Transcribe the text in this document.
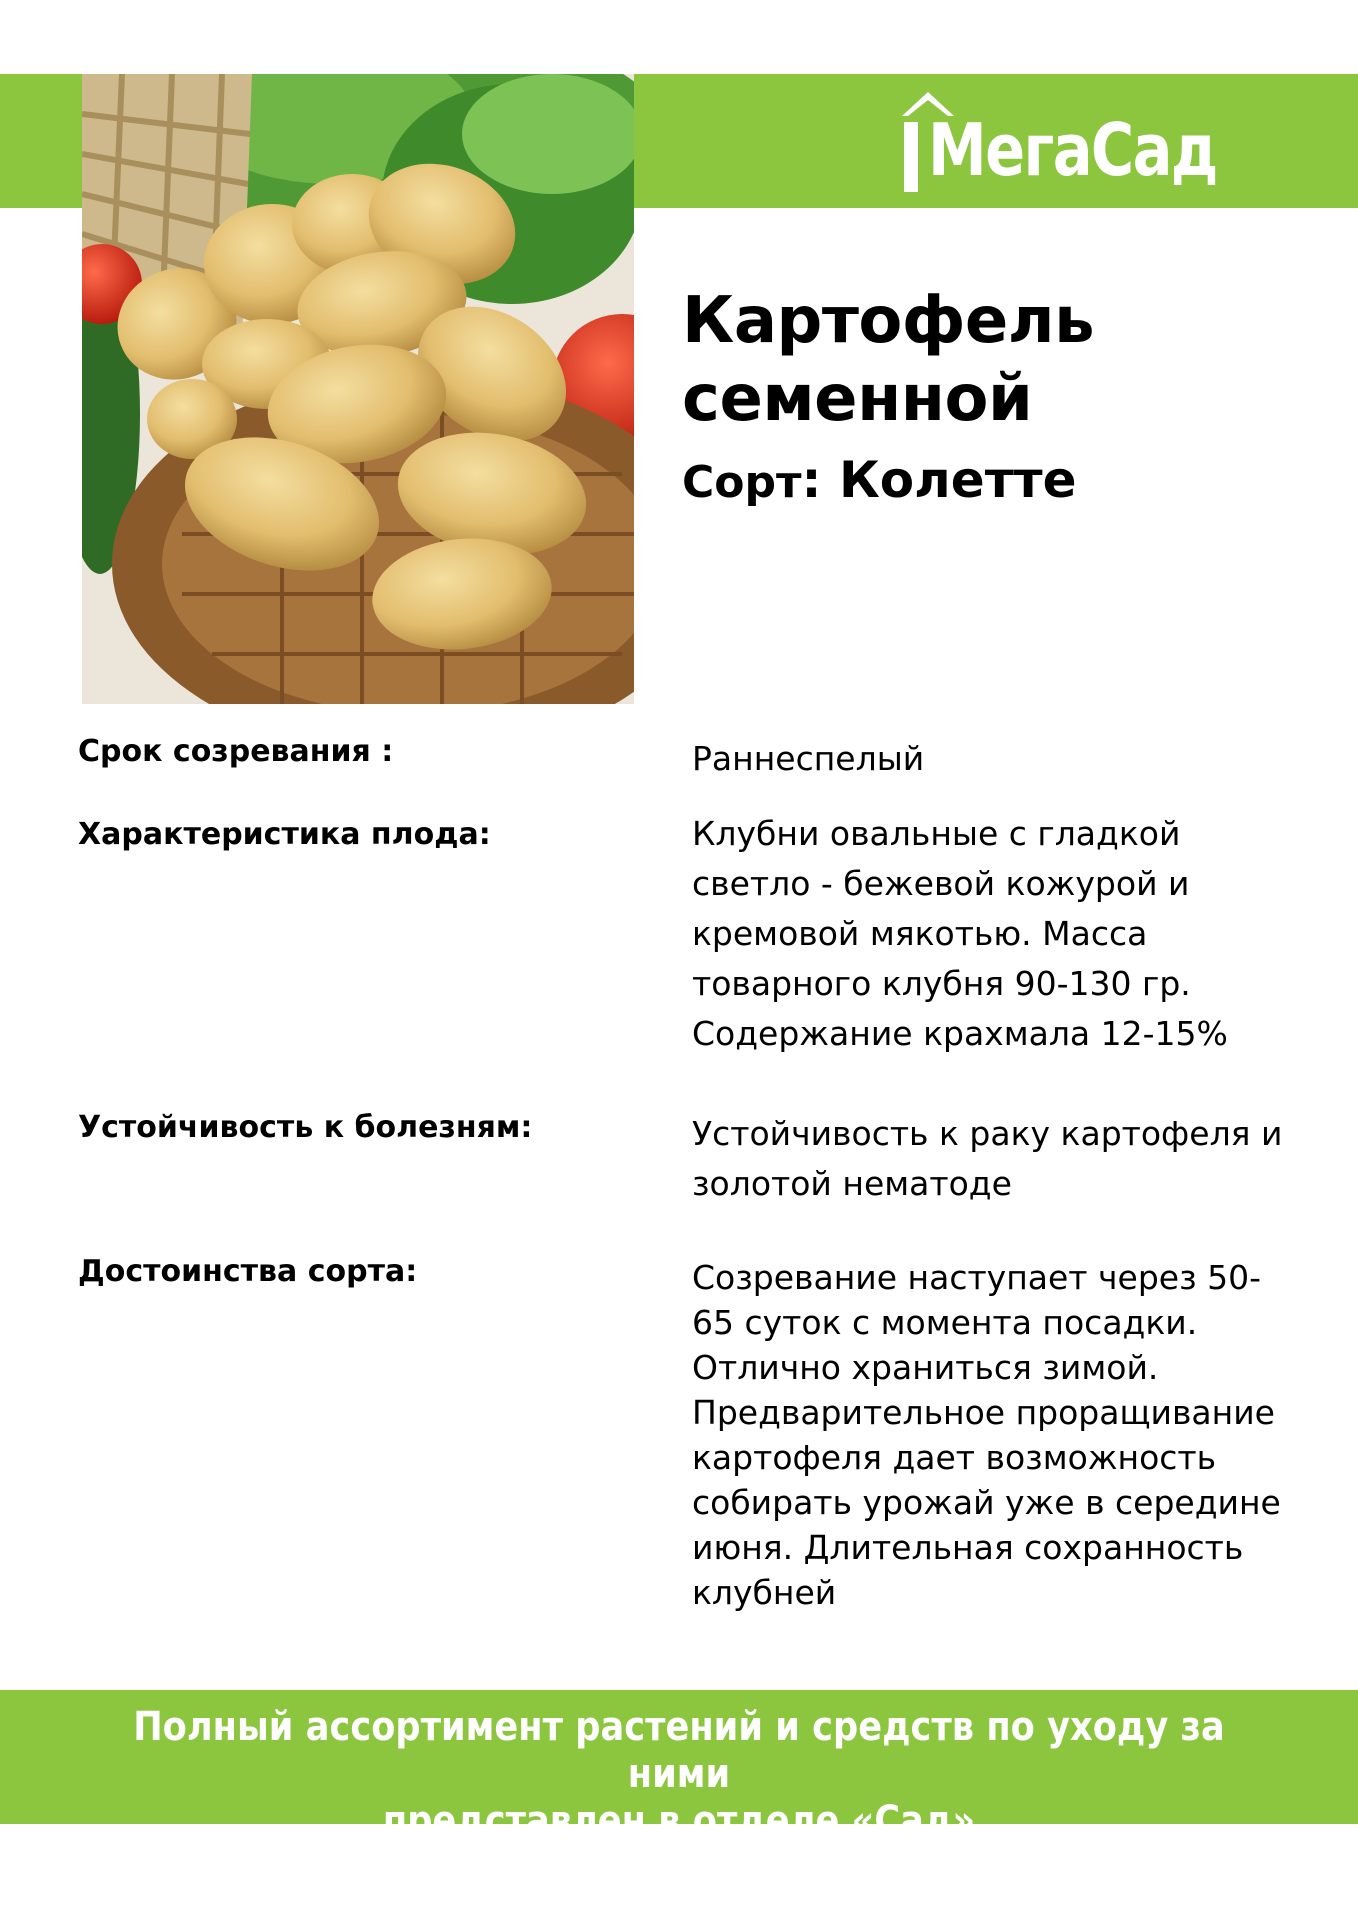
МегаСад
Картофель
семенной
Сорт: Колетте
Срок созревания :	Раннеспелый
Характеристика плода:	Клубни овальные с гладкой
светло - бежевой кожурой и
кремовой мякотью. Масса
товарного клубня 90-130 гр.
Содержание крахмала 12-15%
Устойчивость к болезням:	Устойчивость к раку картофеля и
золотой нематоде
Достоинства сорта:	Созревание наступает через 50-
65 суток с момента посадки.
Отлично храниться зимой.
Предварительное проращивание
картофеля дает возможность
собирать урожай уже в середине
июня. Длительная сохранность
клубней
Полный ассортимент растений и средств по уходу за ними
представлен в отделе «Сад»
